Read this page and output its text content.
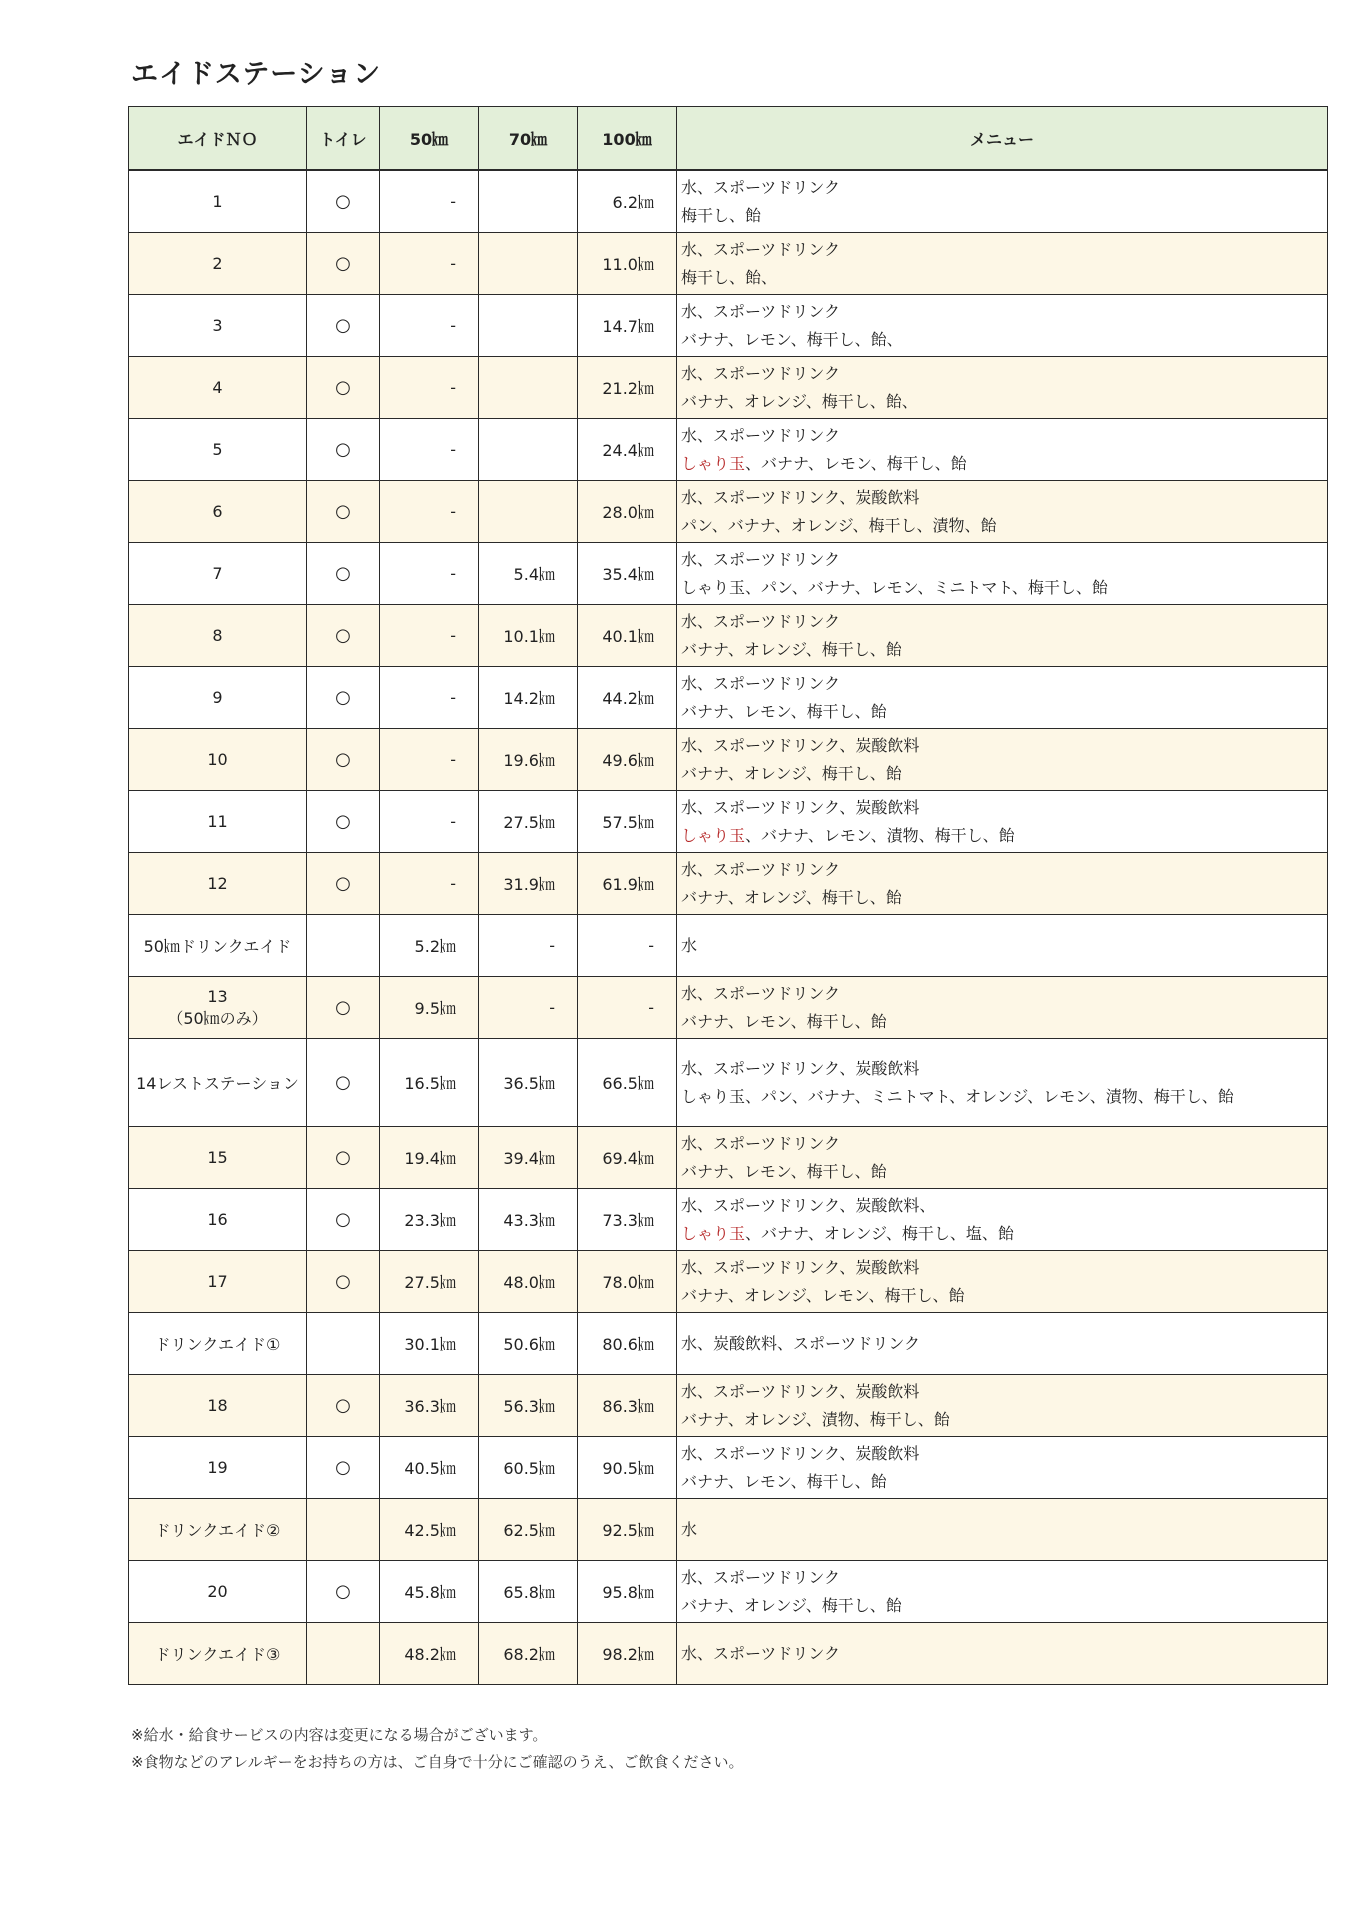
エイドステーション
エイドＮＯ	トイレ	50㎞	70㎞	100㎞	メニュー
1	○	-		6.2㎞	水、スポーツドリンク
梅干し、飴

2	○	-		11.0㎞	水、スポーツドリンク
梅干し、飴、

3	○	-		14.7㎞	水、スポーツドリンク
バナナ、レモン、梅干し、飴、

4	○	-		21.2㎞	水、スポーツドリンク
バナナ、オレンジ、梅干し、飴、

5	○	-		24.4㎞	水、スポーツドリンク
しゃり玉、バナナ、レモン、梅干し、飴

6	○	-		28.0㎞	水、スポーツドリンク、炭酸飲料
パン、バナナ、オレンジ、梅干し、漬物、飴

7	○	-	5.4㎞	35.4㎞	水、スポーツドリンク
しゃり玉、パン、バナナ、レモン、ミニトマト、梅干し、飴

8	○	-	10.1㎞	40.1㎞	水、スポーツドリンク
バナナ、オレンジ、梅干し、飴

9	○	-	14.2㎞	44.2㎞	水、スポーツドリンク
バナナ、レモン、梅干し、飴

10	○	-	19.6㎞	49.6㎞	水、スポーツドリンク、炭酸飲料
バナナ、オレンジ、梅干し、飴

11	○	-	27.5㎞	57.5㎞	水、スポーツドリンク、炭酸飲料
しゃり玉、バナナ、レモン、漬物、梅干し、飴

12	○	-	31.9㎞	61.9㎞	水、スポーツドリンク
バナナ、オレンジ、梅干し、飴

50㎞ドリンクエイド		5.2㎞	-	-	水

13
（50㎞のみ）	○	9.5㎞	-	-	水、スポーツドリンク
バナナ、レモン、梅干し、飴

14レストステーション	○	16.5㎞	36.5㎞	66.5㎞	水、スポーツドリンク、炭酸飲料
しゃり玉、パン、バナナ、ミニトマト、オレンジ、レモン、漬物、梅干し、飴

15	○	19.4㎞	39.4㎞	69.4㎞	水、スポーツドリンク
バナナ、レモン、梅干し、飴

16	○	23.3㎞	43.3㎞	73.3㎞	水、スポーツドリンク、炭酸飲料、
しゃり玉、バナナ、オレンジ、梅干し、塩、飴

17	○	27.5㎞	48.0㎞	78.0㎞	水、スポーツドリンク、炭酸飲料
バナナ、オレンジ、レモン、梅干し、飴

ドリンクエイド①		30.1㎞	50.6㎞	80.6㎞	水、炭酸飲料、スポーツドリンク

18	○	36.3㎞	56.3㎞	86.3㎞	水、スポーツドリンク、炭酸飲料
バナナ、オレンジ、漬物、梅干し、飴

19	○	40.5㎞	60.5㎞	90.5㎞	水、スポーツドリンク、炭酸飲料
バナナ、レモン、梅干し、飴

ドリンクエイド②		42.5㎞	62.5㎞	92.5㎞	水

20	○	45.8㎞	65.8㎞	95.8㎞	水、スポーツドリンク
バナナ、オレンジ、梅干し、飴

ドリンクエイド③		48.2㎞	68.2㎞	98.2㎞	水、スポーツドリンク

※給水・給食サービスの内容は変更になる場合がございます。

※食物などのアレルギーをお持ちの方は、ご自身で十分にご確認のうえ、ご飲食ください。
